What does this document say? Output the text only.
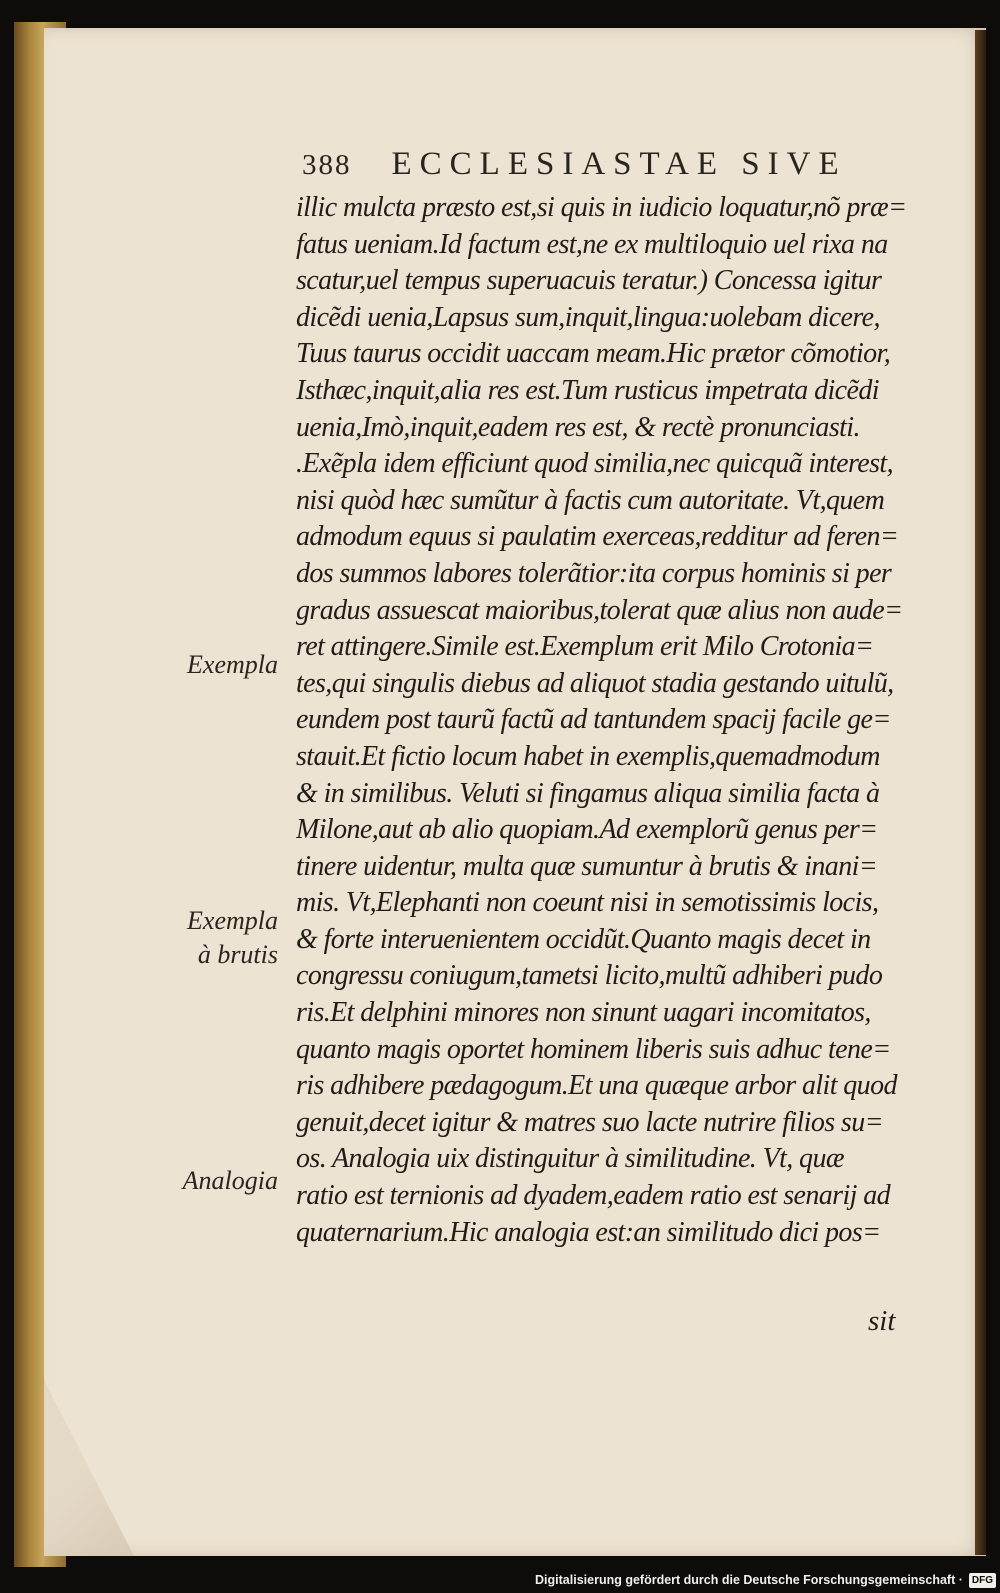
388 ECCLESIASTAE SIVE
illic mulcta præsto est,si quis in iudicio loquatur,nõ præ=
fatus ueniam.Id factum est,ne ex multiloquio uel rixa na
scatur,uel tempus superuacuis teratur.) Concessa igitur
dicẽdi uenia,Lapsus sum,inquit,lingua:uolebam dicere,
Tuus taurus occidit uaccam meam.Hic prætor cõmotior,
Isthæc,inquit,alia res est.Tum rusticus impetrata dicẽdi
uenia,Imò,inquit,eadem res est, & rectè pronunciasti.
.Exẽpla idem efficiunt quod similia,nec quicquã interest,
nisi quòd hæc sumũtur à factis cum autoritate. Vt,quem
admodum equus si paulatim exerceas,redditur ad feren=
dos summos labores tolerãtior:ita corpus hominis si per
gradus assuescat maioribus,tolerat quæ alius non aude=
ret attingere.Simile est.Exemplum erit Milo Crotonia=
tes,qui singulis diebus ad aliquot stadia gestando uitulũ,
eundem post taurũ factũ ad tantundem spacij facile ge=
stauit.Et fictio locum habet in exemplis,quemadmodum
& in similibus. Veluti si fingamus aliqua similia facta à
Milone,aut ab alio quopiam.Ad exemplorũ genus per=
tinere uidentur, multa quæ sumuntur à brutis & inani=
mis. Vt,Elephanti non coeunt nisi in semotissimis locis,
& forte interuenientem occidũt.Quanto magis decet in
congressu coniugum,tametsi licito,multũ adhiberi pudo
ris.Et delphini minores non sinunt uagari incomitatos,
quanto magis oportet hominem liberis suis adhuc tene=
ris adhibere pædagogum.Et una quæque arbor alit quod
genuit,decet igitur & matres suo lacte nutrire filios su=
os. Analogia uix distinguitur à similitudine. Vt, quæ
ratio est ternionis ad dyadem,eadem ratio est senarij ad
quaternarium.Hic analogia est:an similitudo dici pos=
sit
Exempla
Exempla
à brutis
Analogia
Digitalisierung gefördert durch die Deutsche Forschungsgemeinschaft · DFG
